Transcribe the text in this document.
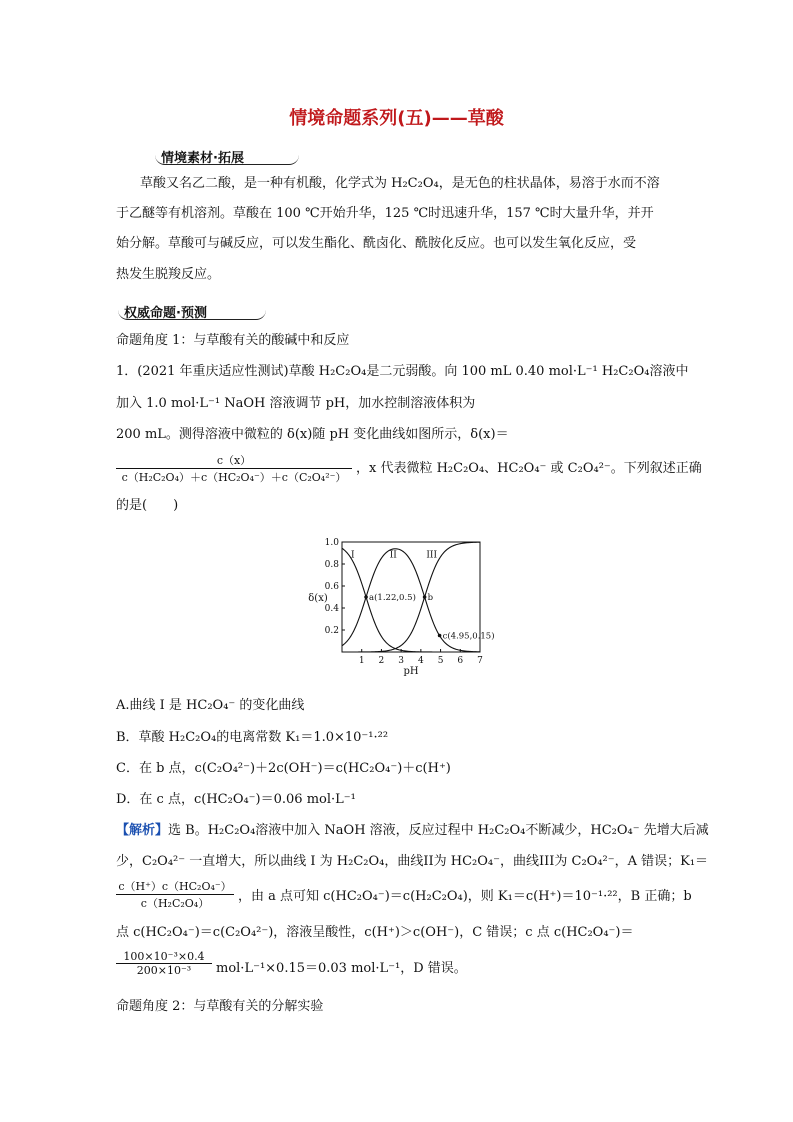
情境命题系列(五)——草酸
情境素材·拓展
草酸又名乙二酸，是一种有机酸，化学式为 H₂C₂O₄，是无色的柱状晶体，易溶于水而不溶
于乙醚等有机溶剂。草酸在 100 ℃开始升华，125 ℃时迅速升华，157 ℃时大量升华，并开
始分解。草酸可与碱反应，可以发生酯化、酰卤化、酰胺化反应。也可以发生氧化反应，受
热发生脱羧反应。
权威命题·预测
命题角度 1：与草酸有关的酸碱中和反应
1．(2021 年重庆适应性测试)草酸 H₂C₂O₄是二元弱酸。向 100 mL 0.40 mol·L⁻¹ H₂C₂O₄溶液中
加入 1.0 mol·L⁻¹ NaOH 溶液调节 pH，加水控制溶液体积为
200 mL。测得溶液中微粒的 δ(x)随 pH 变化曲线如图所示，δ(x)＝
$\frac{c(x)}{\text{c（H₂C₂O₄）＋c（HC₂O₄⁻）＋c（C₂O₄²⁻）}}$ ，x 代表微粒 H₂C₂O₄、HC₂O₄⁻ 或 C₂O₄²⁻。下列叙述正确
的是(　　)
1 2 3 4 5 6 7
0.2
0.4
0.6
0.8
1.0
pH
δ(x)
I	II	III
a(1.22,0.5) b
c(4.95,0.15)
A.曲线 I 是 HC₂O₄⁻ 的变化曲线
B．草酸 H₂C₂O₄的电离常数 K₁＝1.0×10⁻¹·²²
C．在 b 点，c(C₂O₄²⁻)＋2c(OH⁻)＝c(HC₂O₄⁻)＋c(H⁺)
D．在 c 点，c(HC₂O₄⁻)＝0.06 mol·L⁻¹
【解析】选 B。H₂C₂O₄溶液中加入 NaOH 溶液，反应过程中 H₂C₂O₄不断减少，HC₂O₄⁻ 先增大后减
少，C₂O₄²⁻ 一直增大，所以曲线 I 为 H₂C₂O₄，曲线II为 HC₂O₄⁻，曲线III为 C₂O₄²⁻，A 错误；K₁＝
$\frac{\text{c（H⁺）c（HC₂O₄⁻）}}{\text{c（H₂C₂O₄）}}$ ，由 a 点可知 c(HC₂O₄⁻)＝c(H₂C₂O₄)，则 K₁＝c(H⁺)＝10⁻¹·²²，B 正确；b
点 c(HC₂O₄⁻)＝c(C₂O₄²⁻)，溶液呈酸性，c(H⁺)＞c(OH⁻)，C 错误；c 点 c(HC₂O₄⁻)＝
$\frac{\text{100×10⁻³×0.4}}{\text{200×10⁻³}} mol\cdot L^{-1}\times 0.15=0.03$ mol·L⁻¹，D 错误。
命题角度 2：与草酸有关的分解实验
